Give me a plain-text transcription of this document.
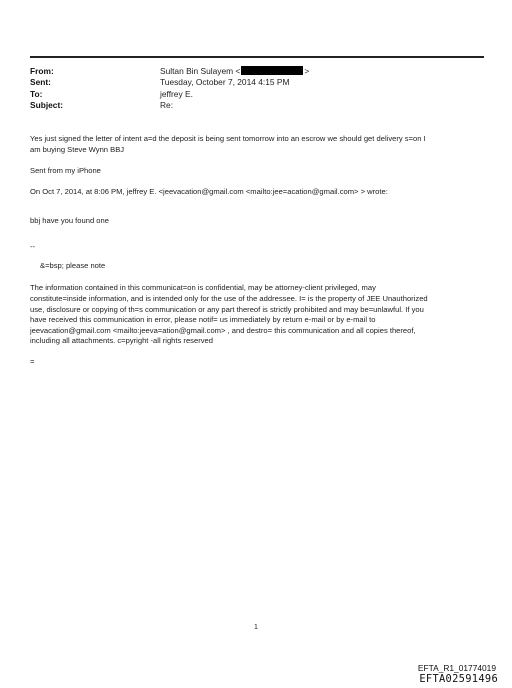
From:	Sultan Bin Sulayem <	>
Sent:	Tuesday, October 7, 2014 4:15 PM
To:	jeffrey E.
Subject:	Re:

Yes just signed the letter of intent a=d the deposit is being sent tomorrow into an escrow we should get delivery s=on I

am buying Steve Wynn BBJ

Sent from my iPhone

On Oct 7, 2014, at 8:06 PM, jeffrey E. <jeevacation@gmail.com <mailto:jee=acation@gmail.com> > wrote:

bbj have you found one

--

&=bsp; please note

The information contained in this communicat=on is confidential, may be attorney-client privileged, may

constitute=inside information, and is intended only for the use of the addressee. I= is the property of JEE Unauthorized

use, disclosure or copying of th=s communication or any part thereof is strictly prohibited and may be=unlawful. If you

have received this communication in error, please notif= us immediately by return e-mail or by e-mail to

jeevacation@gmail.com <mailto:jeeva=ation@gmail.com> , and destro= this communication and all copies thereof,

including all attachments. c=pyright -all rights reserved

=

1
EFTA_R1_01774019
EFTA02591496
